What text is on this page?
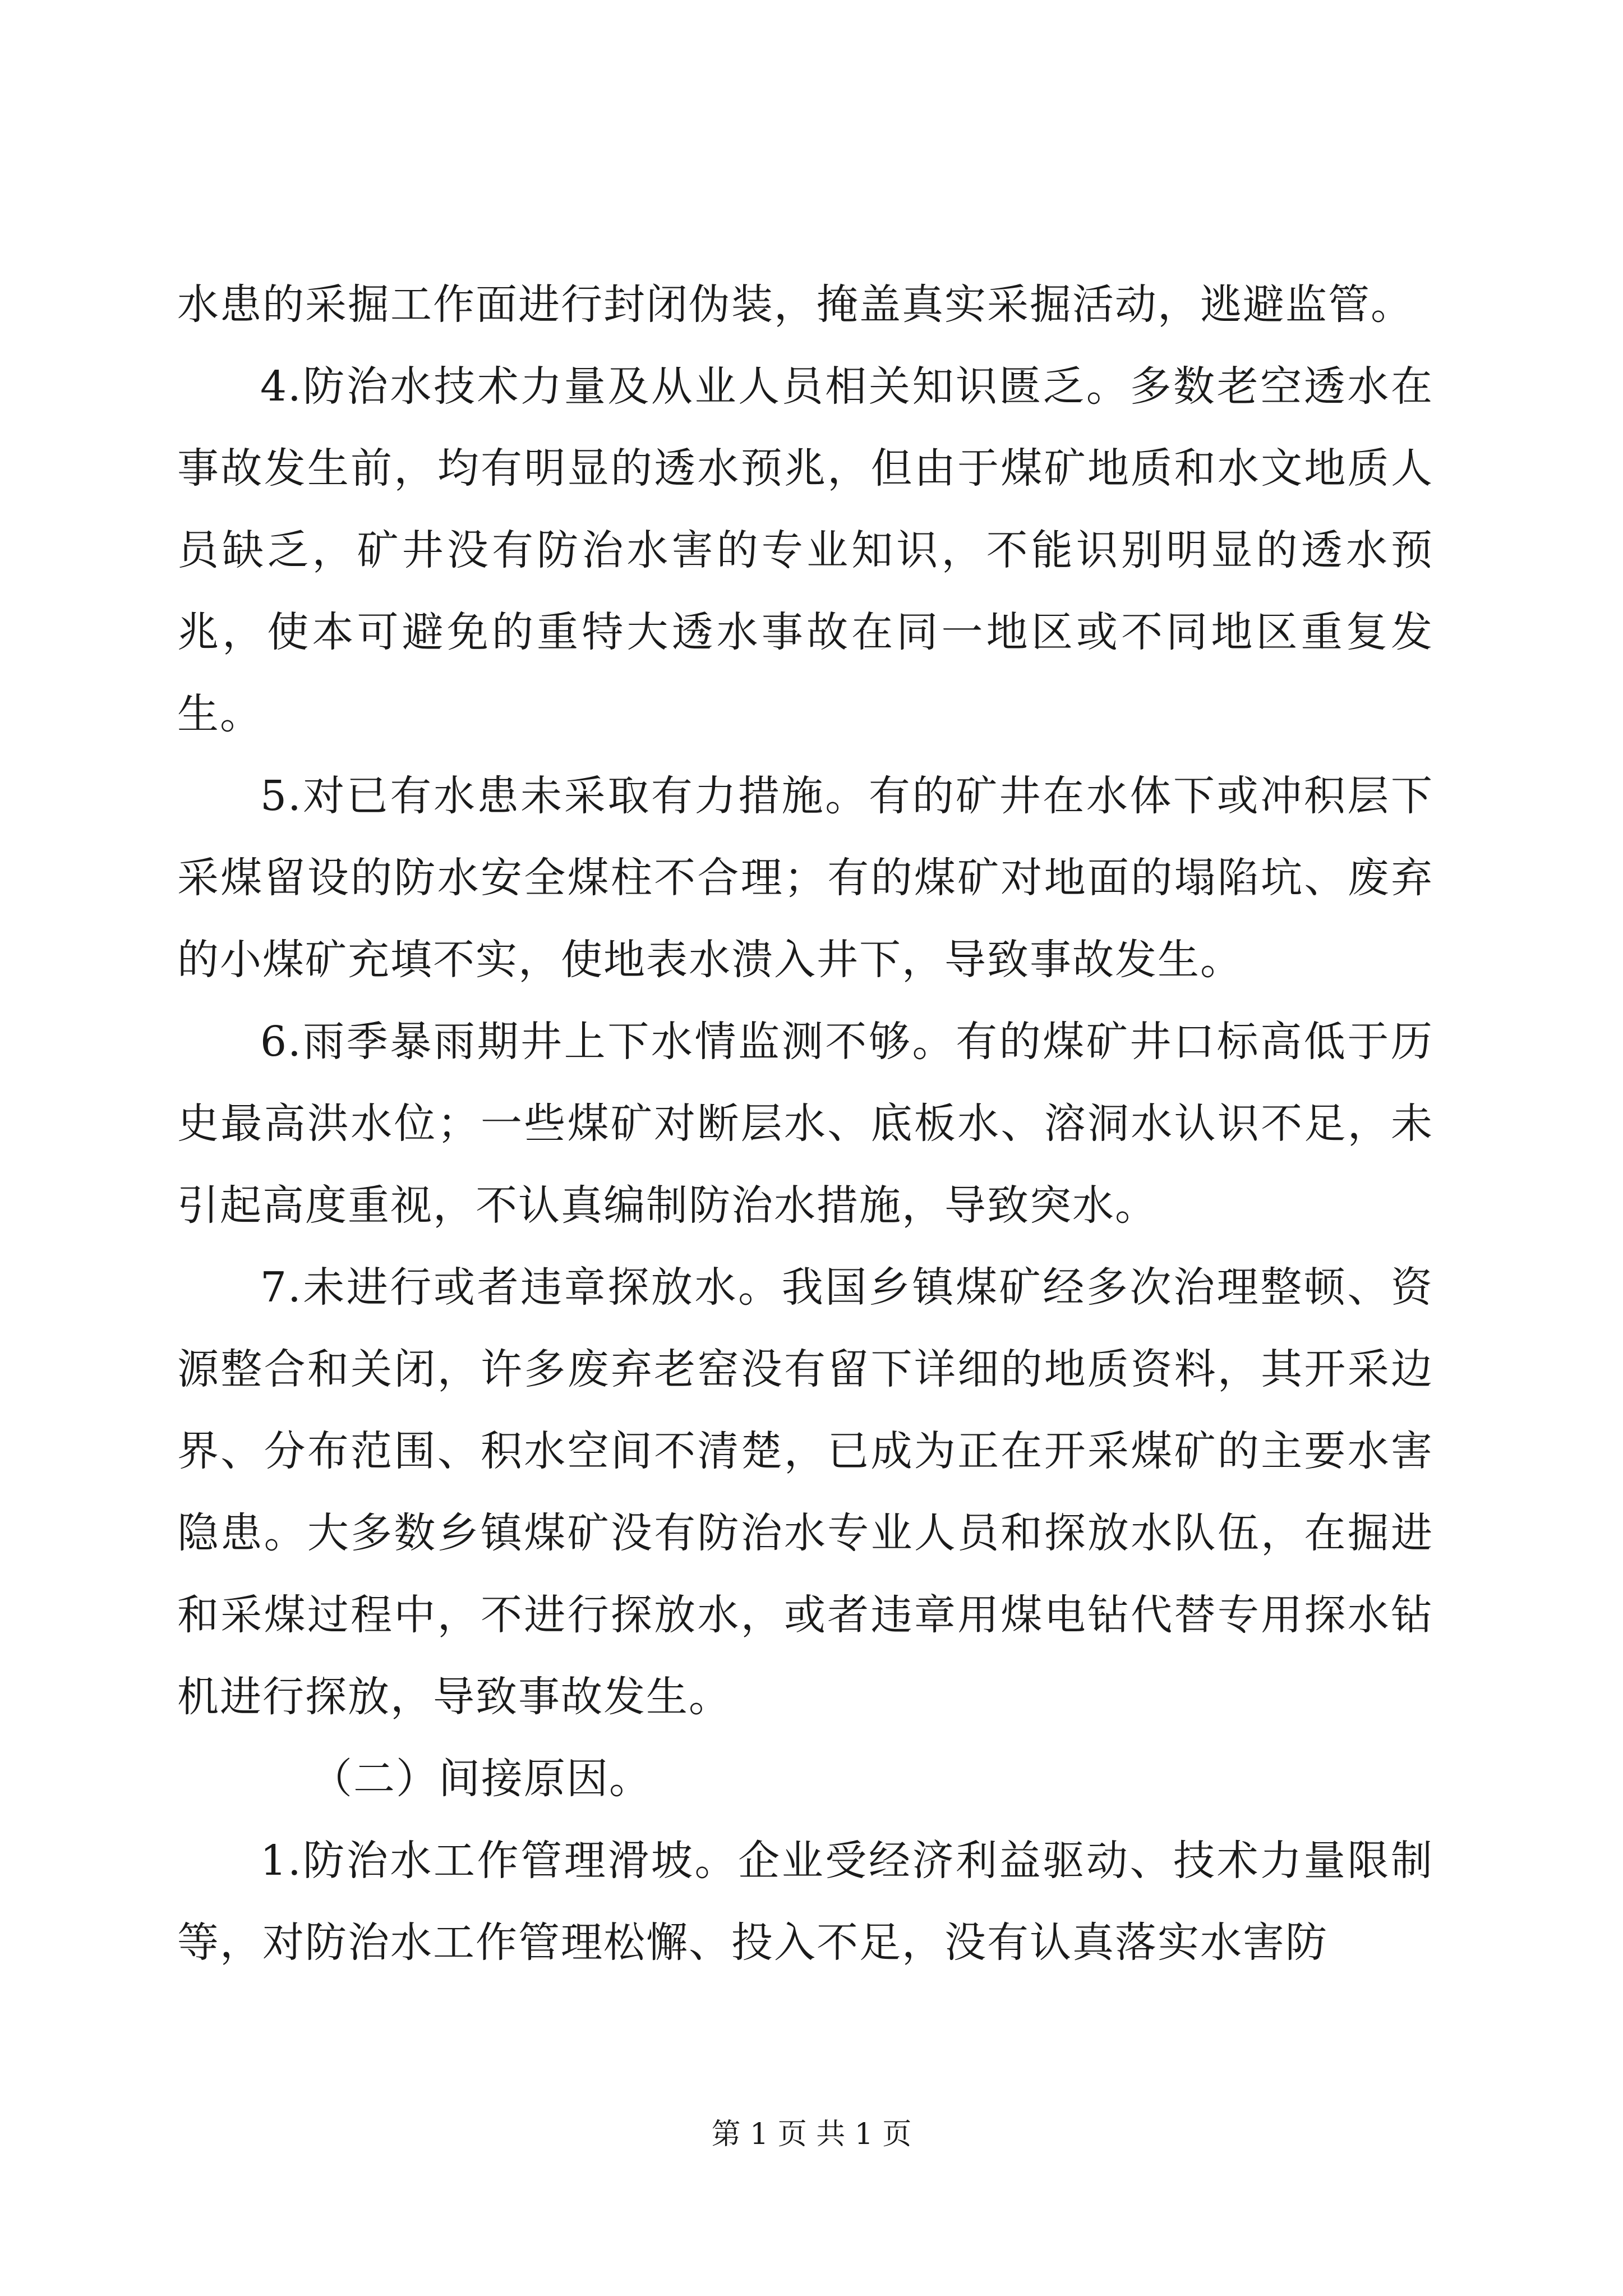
水患的采掘工作面进行封闭伪装，掩盖真实采掘活动，逃避监管。

4.防治水技术力量及从业人员相关知识匮乏。多数老空透水在事故发生前，均有明显的透水预兆，但由于煤矿地质和水文地质人员缺乏，矿井没有防治水害的专业知识，不能识别明显的透水预兆，使本可避免的重特大透水事故在同一地区或不同地区重复发生。

5.对已有水患未采取有力措施。有的矿井在水体下或冲积层下采煤留设的防水安全煤柱不合理；有的煤矿对地面的塌陷坑、废弃的小煤矿充填不实，使地表水溃入井下，导致事故发生。

6.雨季暴雨期井上下水情监测不够。有的煤矿井口标高低于历史最高洪水位；一些煤矿对断层水、底板水、溶洞水认识不足，未引起高度重视，不认真编制防治水措施，导致突水。

7.未进行或者违章探放水。我国乡镇煤矿经多次治理整顿、资源整合和关闭，许多废弃老窑没有留下详细的地质资料，其开采边界、分布范围、积水空间不清楚，已成为正在开采煤矿的主要水害隐患。大多数乡镇煤矿没有防治水专业人员和探放水队伍，在掘进和采煤过程中，不进行探放水，或者违章用煤电钻代替专用探水钻机进行探放，导致事故发生。

（二）间接原因。

1.防治水工作管理滑坡。企业受经济利益驱动、技术力量限制等，对防治水工作管理松懈、投入不足，没有认真落实水害防

第 1 页 共 1 页
